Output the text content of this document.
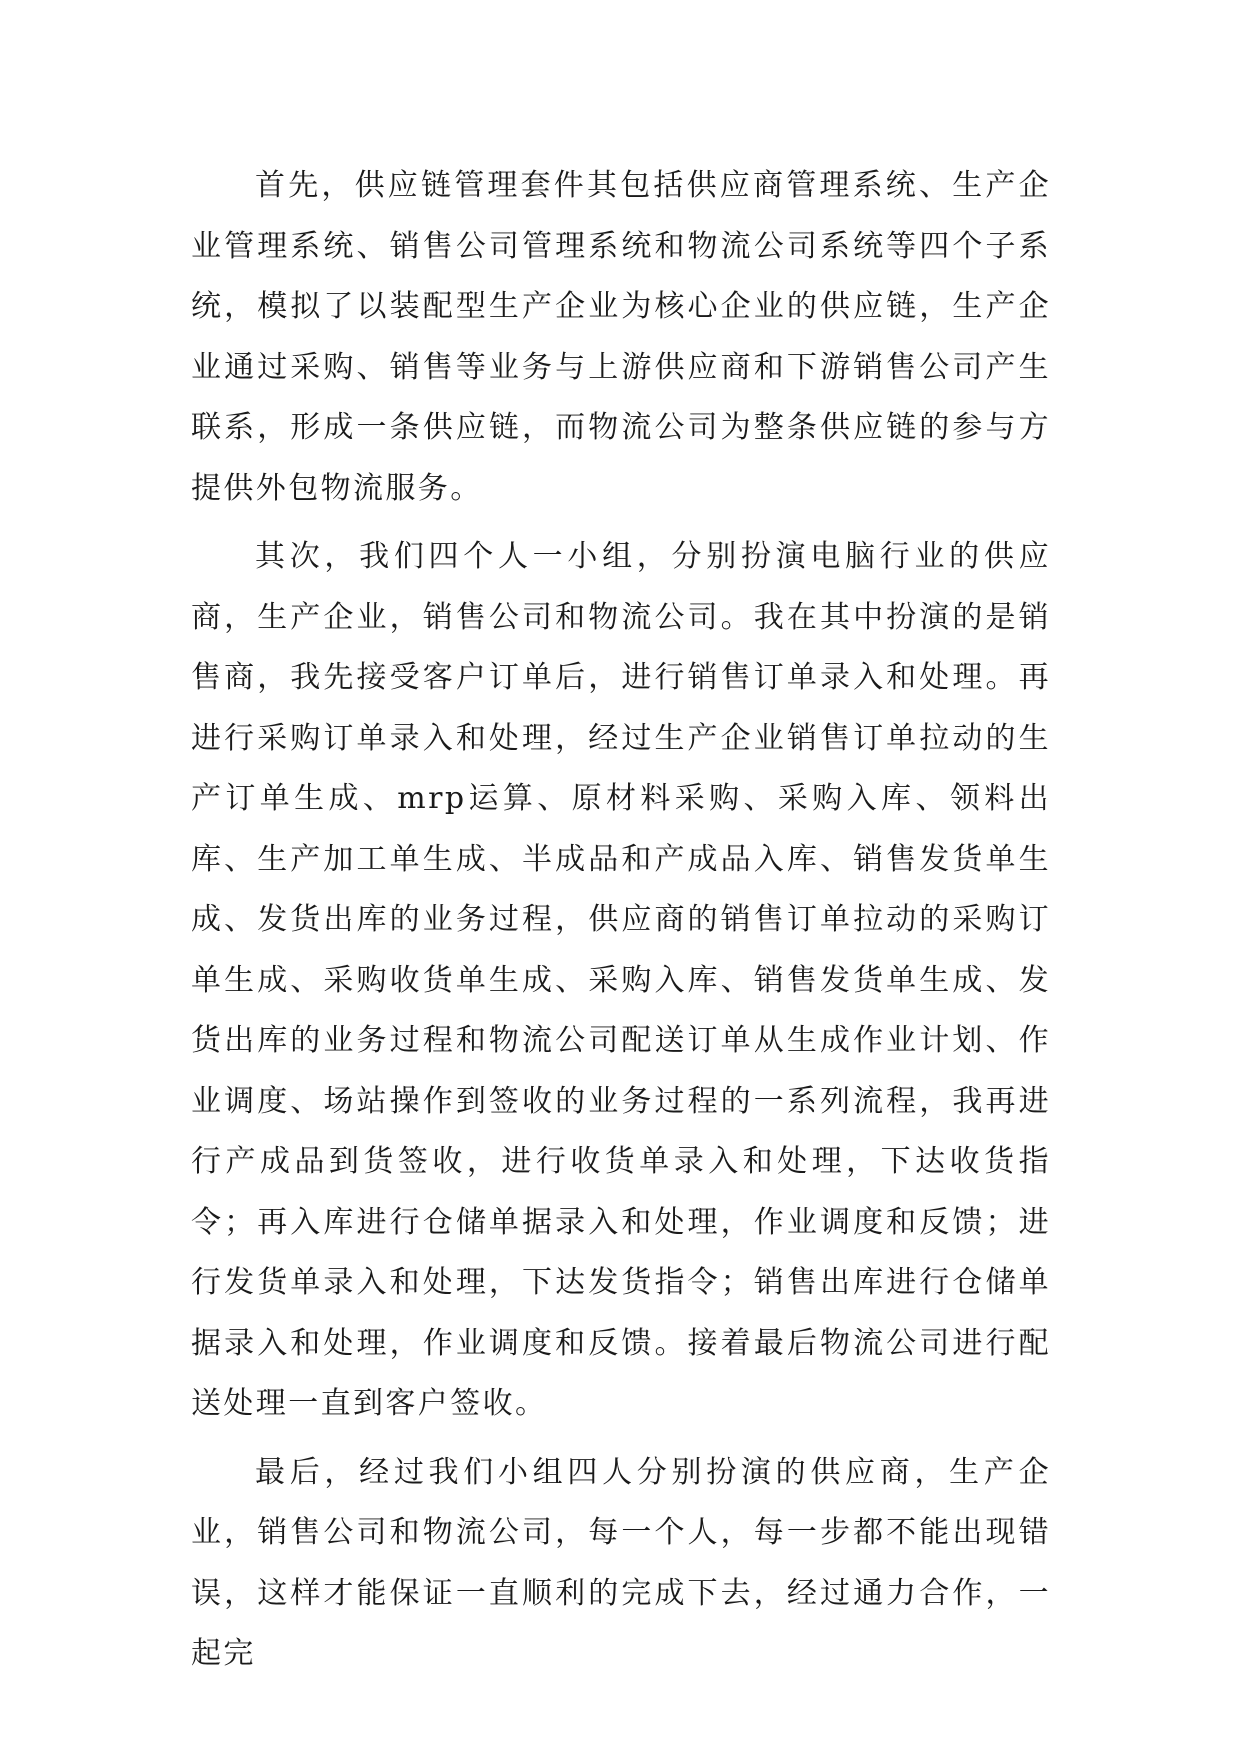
首先，供应链管理套件其包括供应商管理系统、生产企业管理系统、销售公司管理系统和物流公司系统等四个子系统，模拟了以装配型生产企业为核心企业的供应链，生产企业通过采购、销售等业务与上游供应商和下游销售公司产生联系，形成一条供应链，而物流公司为整条供应链的参与方提供外包物流服务。

其次，我们四个人一小组，分别扮演电脑行业的供应商，生产企业，销售公司和物流公司。我在其中扮演的是销售商，我先接受客户订单后，进行销售订单录入和处理。再进行采购订单录入和处理，经过生产企业销售订单拉动的生产订单生成、mrp运算、原材料采购、采购入库、领料出库、生产加工单生成、半成品和产成品入库、销售发货单生成、发货出库的业务过程，供应商的销售订单拉动的采购订单生成、采购收货单生成、采购入库、销售发货单生成、发货出库的业务过程和物流公司配送订单从生成作业计划、作业调度、场站操作到签收的业务过程的一系列流程，我再进行产成品到货签收，进行收货单录入和处理，下达收货指令；再入库进行仓储单据录入和处理，作业调度和反馈；进行发货单录入和处理，下达发货指令；销售出库进行仓储单据录入和处理，作业调度和反馈。接着最后物流公司进行配送处理一直到客户签收。

最后，经过我们小组四人分别扮演的供应商，生产企业，销售公司和物流公司，每一个人，每一步都不能出现错误，这样才能保证一直顺利的完成下去，经过通力合作，一起完
